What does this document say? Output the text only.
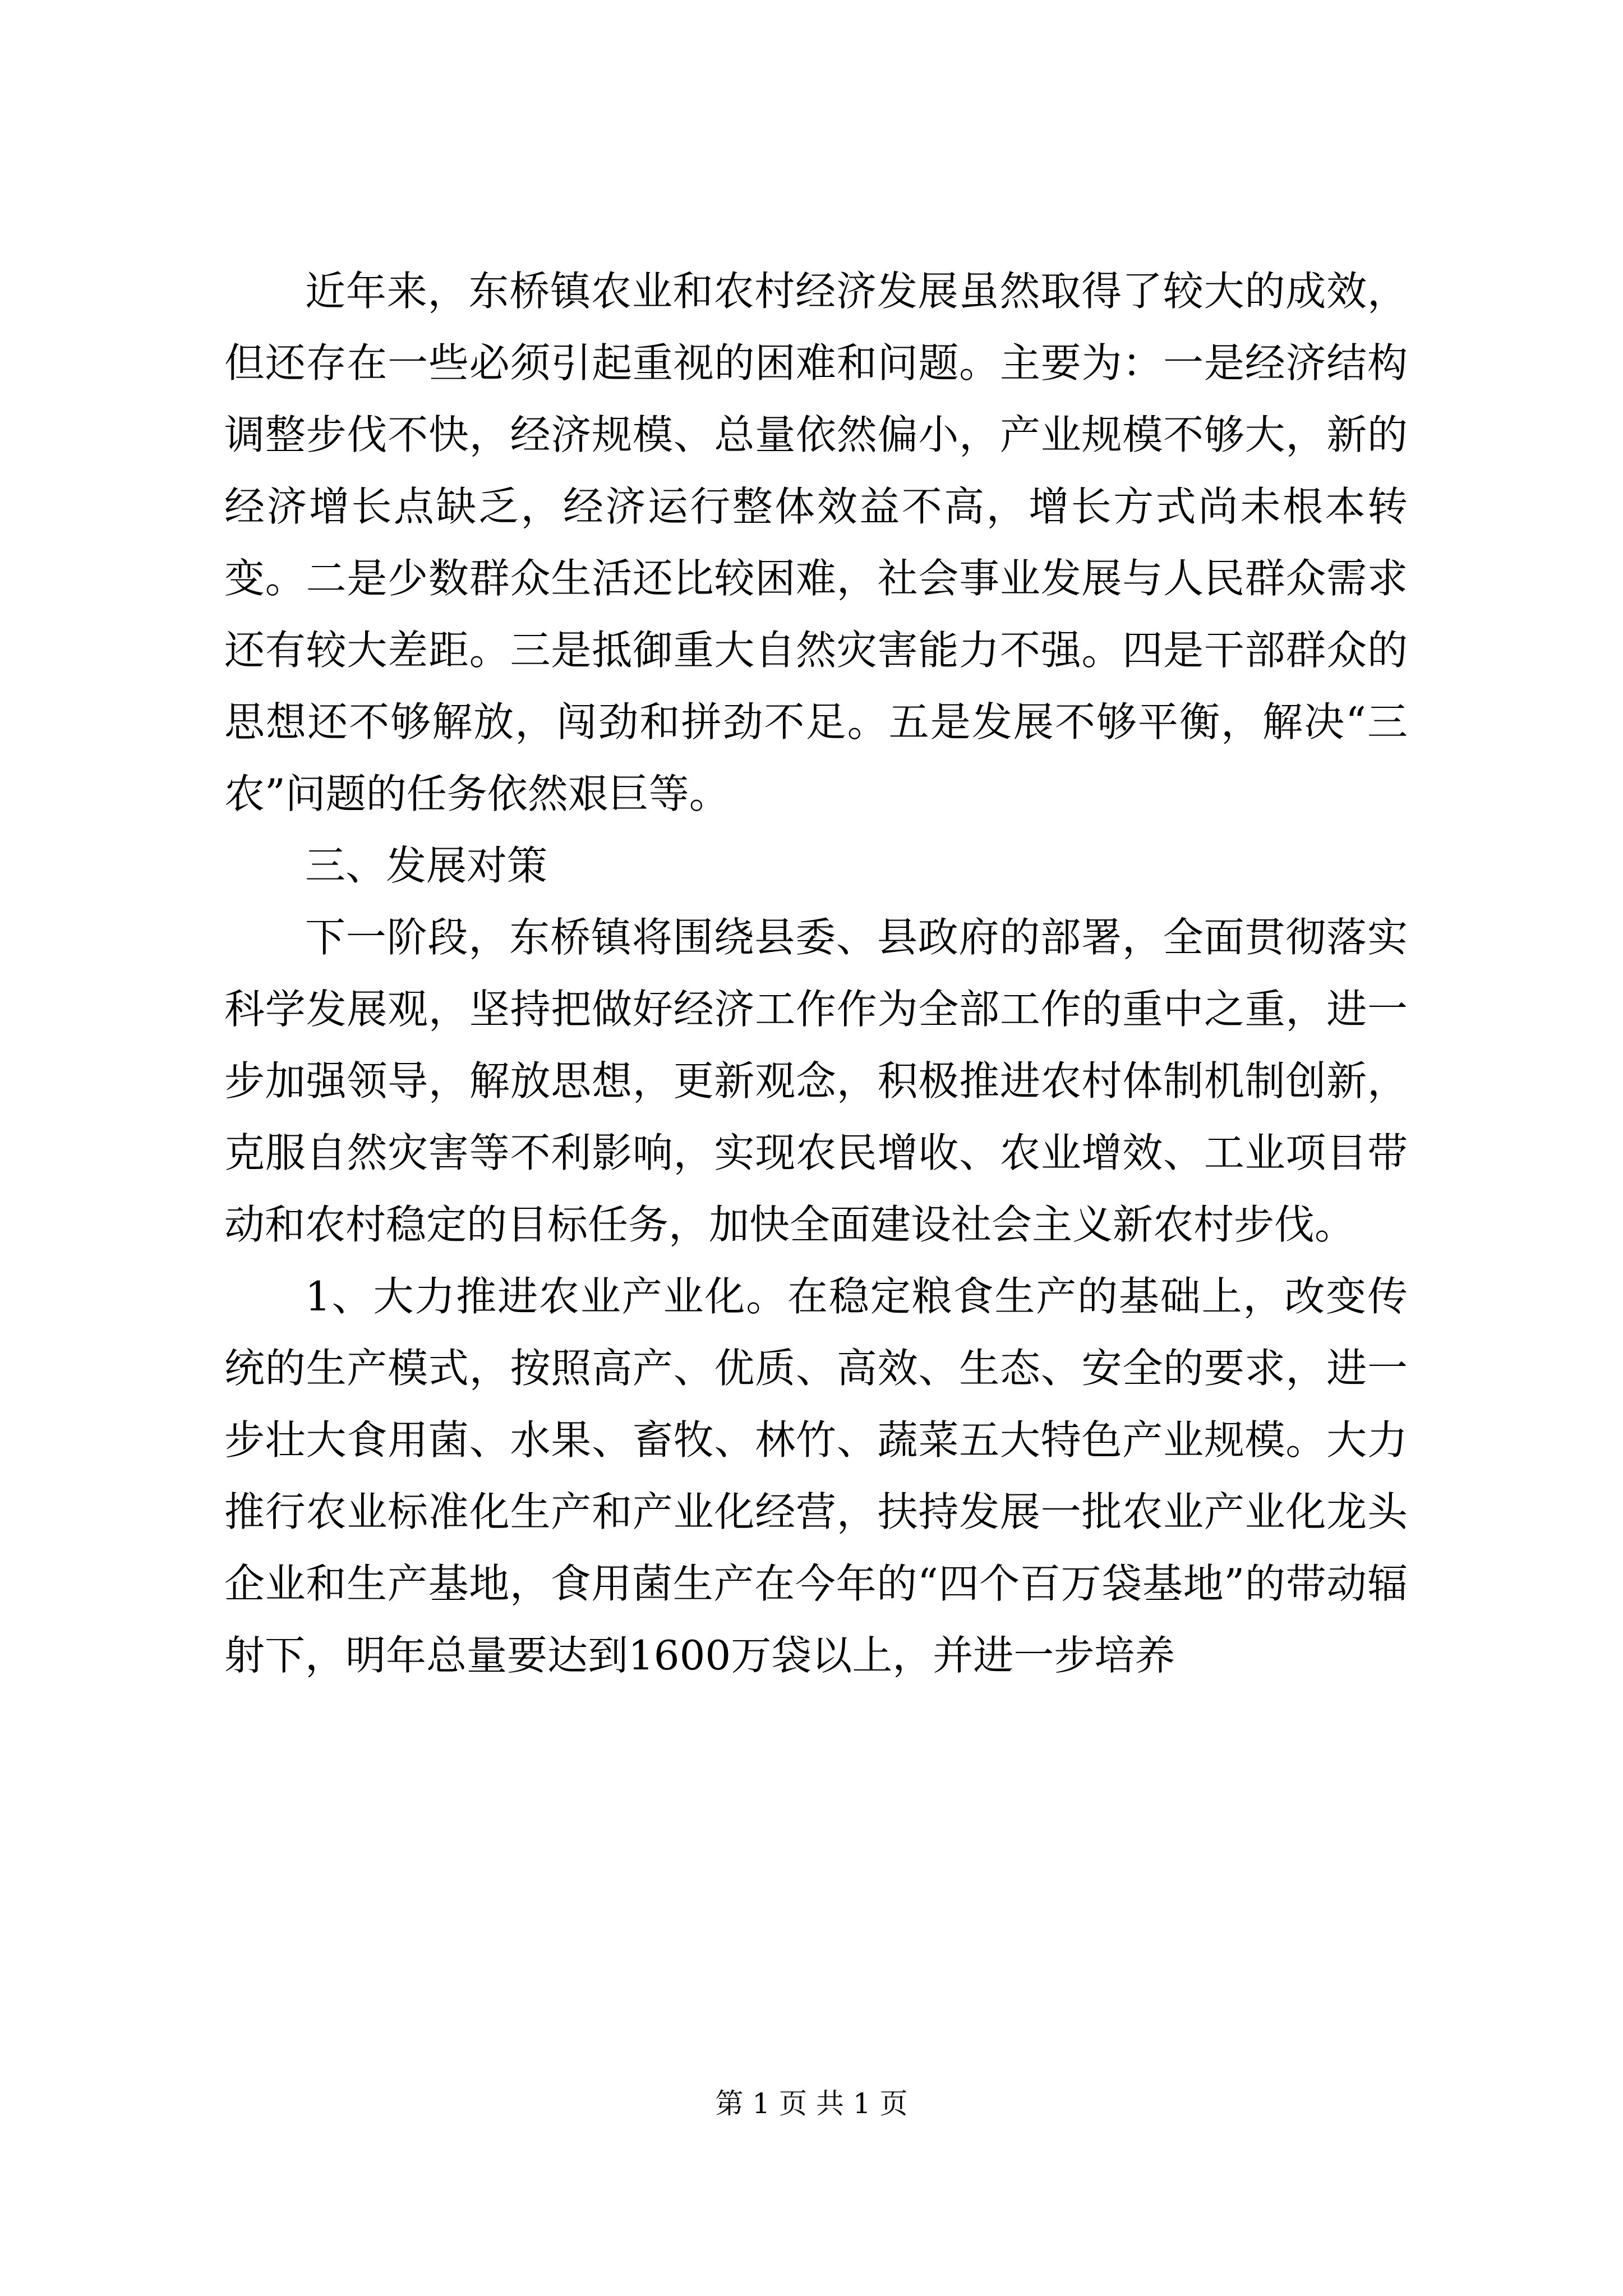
近年来，东桥镇农业和农村经济发展虽然取得了较大的成效，但还存在一些必须引起重视的困难和问题。主要为：一是经济结构调整步伐不快，经济规模、总量依然偏小，产业规模不够大，新的经济增长点缺乏，经济运行整体效益不高，增长方式尚未根本转变。二是少数群众生活还比较困难，社会事业发展与人民群众需求还有较大差距。三是抵御重大自然灾害能力不强。四是干部群众的思想还不够解放，闯劲和拼劲不足。五是发展不够平衡，解决“三农”问题的任务依然艰巨等。

三、发展对策

下一阶段，东桥镇将围绕县委、县政府的部署，全面贯彻落实科学发展观，坚持把做好经济工作作为全部工作的重中之重，进一步加强领导，解放思想，更新观念，积极推进农村体制机制创新，克服自然灾害等不利影响，实现农民增收、农业增效、工业项目带动和农村稳定的目标任务，加快全面建设社会主义新农村步伐。

1、大力推进农业产业化。在稳定粮食生产的基础上，改变传统的生产模式，按照高产、优质、高效、生态、安全的要求，进一步壮大食用菌、水果、畜牧、林竹、蔬菜五大特色产业规模。大力推行农业标准化生产和产业化经营，扶持发展一批农业产业化龙头企业和生产基地，食用菌生产在今年的“四个百万袋基地”的带动辐射下，明年总量要达到1600万袋以上，并进一步培养

第 1 页 共 1 页
